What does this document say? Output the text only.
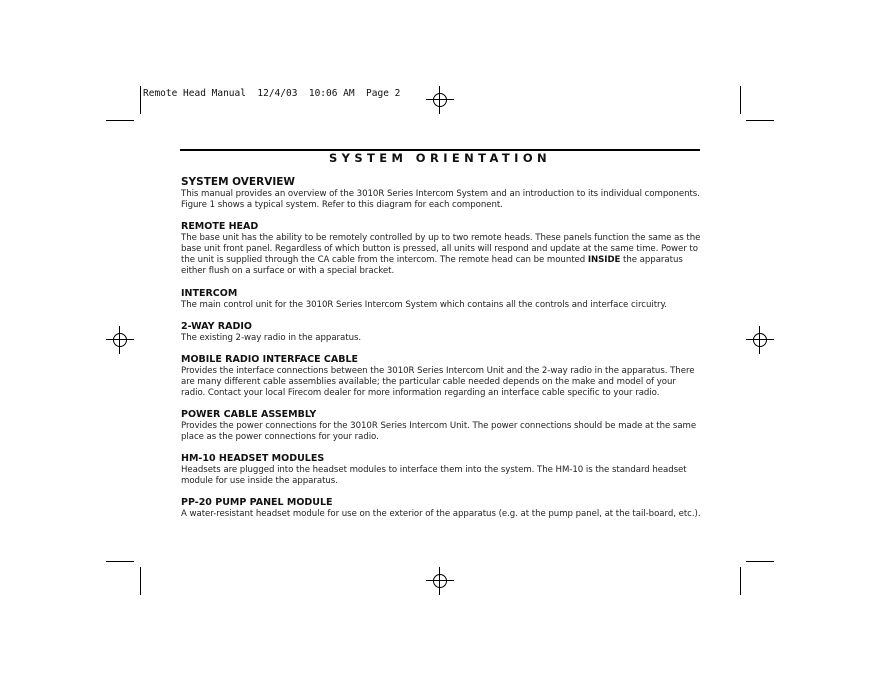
Remote Head Manual  12/4/03  10:06 AM  Page 2
SYSTEM ORIENTATION
SYSTEM OVERVIEW

This manual provides an overview of the 3010R Series Intercom System and an introduction to its individual components. Figure 1 shows a typical system. Refer to this diagram for each component.

REMOTE HEAD

The base unit has the ability to be remotely controlled by up to two remote heads. These panels function the same as the base unit front panel. Regardless of which button is pressed, all units will respond and update at the same time. Power to the unit is supplied through the CA cable from the intercom. The remote head can be mounted INSIDE the apparatus either flush on a surface or with a special bracket.

INTERCOM

The main control unit for the 3010R Series Intercom System which contains all the controls and interface circuitry.

2-WAY RADIO

The existing 2-way radio in the apparatus.

MOBILE RADIO INTERFACE CABLE

Provides the interface connections between the 3010R Series Intercom Unit and the 2-way radio in the apparatus. There are many different cable assemblies available; the particular cable needed depends on the make and model of your radio. Contact your local Firecom dealer for more information regarding an interface cable specific to your radio.

POWER CABLE ASSEMBLY

Provides the power connections for the 3010R Series Intercom Unit. The power connections should be made at the same place as the power connections for your radio.

HM-10 HEADSET MODULES

Headsets are plugged into the headset modules to interface them into the system. The HM-10 is the standard headset module for use inside the apparatus.

PP-20 PUMP PANEL MODULE

A water-resistant headset module for use on the exterior of the apparatus (e.g. at the pump panel, at the tail-board, etc.).
